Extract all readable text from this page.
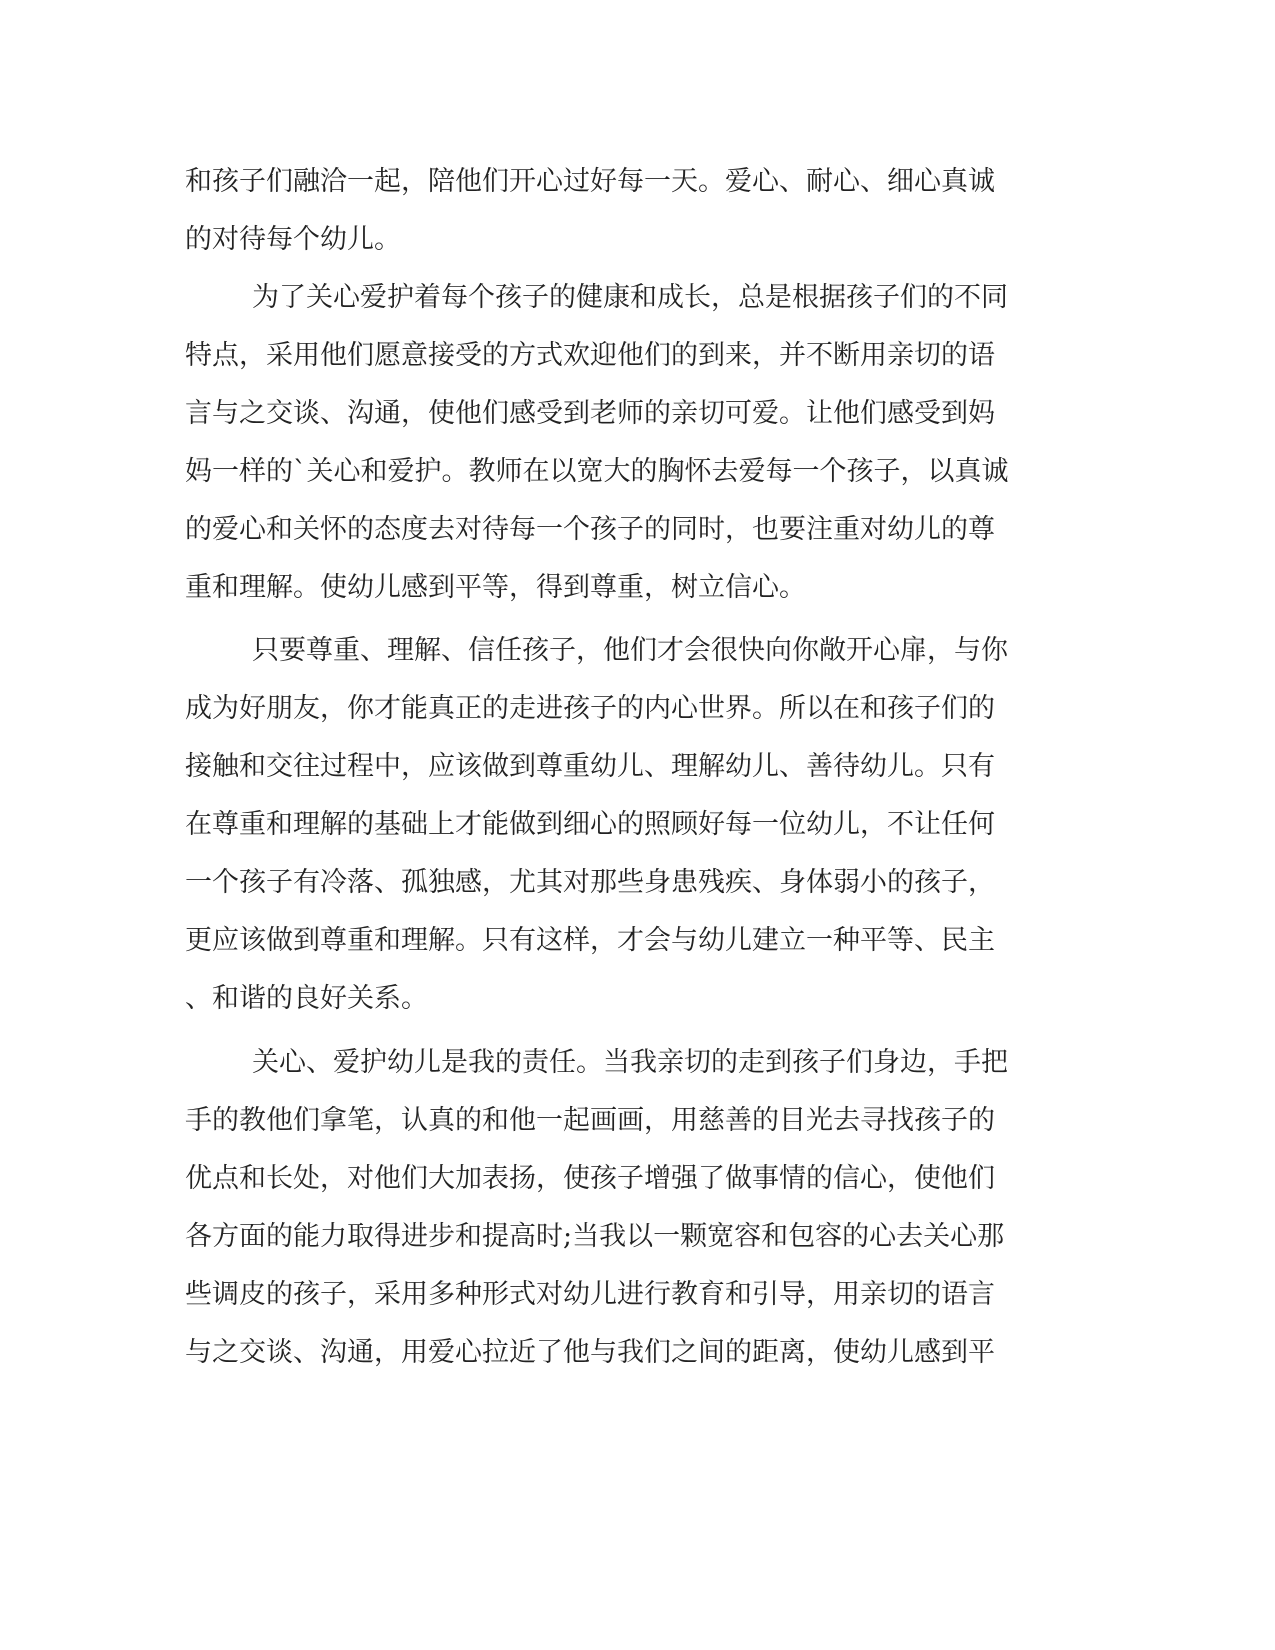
和孩子们融洽一起，陪他们开心过好每一天。爱心、耐心、细心真诚
的对待每个幼儿。
为了关心爱护着每个孩子的健康和成长，总是根据孩子们的不同
特点，采用他们愿意接受的方式欢迎他们的到来，并不断用亲切的语
言与之交谈、沟通，使他们感受到老师的亲切可爱。让他们感受到妈
妈一样的`关心和爱护。教师在以宽大的胸怀去爱每一个孩子，以真诚
的爱心和关怀的态度去对待每一个孩子的同时，也要注重对幼儿的尊
重和理解。使幼儿感到平等，得到尊重，树立信心。
只要尊重、理解、信任孩子，他们才会很快向你敞开心扉，与你
成为好朋友，你才能真正的走进孩子的内心世界。所以在和孩子们的
接触和交往过程中，应该做到尊重幼儿、理解幼儿、善待幼儿。只有
在尊重和理解的基础上才能做到细心的照顾好每一位幼儿，不让任何
一个孩子有冷落、孤独感，尤其对那些身患残疾、身体弱小的孩子，
更应该做到尊重和理解。只有这样，才会与幼儿建立一种平等、民主
、和谐的良好关系。
关心、爱护幼儿是我的责任。当我亲切的走到孩子们身边，手把
手的教他们拿笔，认真的和他一起画画，用慈善的目光去寻找孩子的
优点和长处，对他们大加表扬，使孩子增强了做事情的信心，使他们
各方面的能力取得进步和提高时;当我以一颗宽容和包容的心去关心那
些调皮的孩子，采用多种形式对幼儿进行教育和引导，用亲切的语言
与之交谈、沟通，用爱心拉近了他与我们之间的距离，使幼儿感到平
